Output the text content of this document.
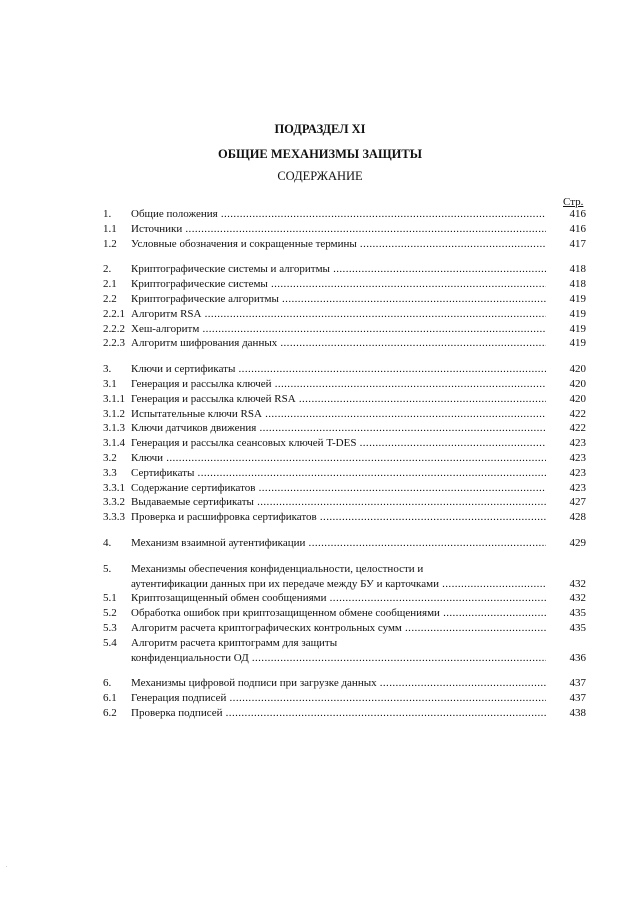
ПОДРАЗДЕЛ XI
ОБЩИЕ МЕХАНИЗМЫ ЗАЩИТЫ
СОДЕРЖАНИЕ
Стр.
1. Общие положения .....	416
1.1 Источники .....	416
1.2 Условные обозначения и сокращенные термины .....	417
2. Криптографические системы и алгоритмы .....	418
2.1 Криптографические системы .....	418
2.2 Криптографические алгоритмы .....	419
2.2.1 Алгоритм RSA .....	419
2.2.2 Хеш-алгоритм .....	419
2.2.3 Алгоритм шифрования данных .....	419
3. Ключи и сертификаты .....	420
3.1 Генерация и рассылка ключей .....	420
3.1.1 Генерация и рассылка ключей RSA .....	420
3.1.2 Испытательные ключи RSA .....	422
3.1.3 Ключи датчиков движения .....	422
3.1.4 Генерация и рассылка сеансовых ключей T-DES .....	423
3.2 Ключи .....	423
3.3 Сертификаты .....	423
3.3.1 Содержание сертификатов .....	423
3.3.2 Выдаваемые сертификаты .....	427
3.3.3 Проверка и расшифровка сертификатов .....	428
4. Механизм взаимной аутентификации .....	429
5. Механизмы обеспечения конфиденциальности, целостности и
аутентификации данных при их передаче между БУ и карточками .....	432
5.1 Криптозащищенный обмен сообщениями .....	432
5.2 Обработка ошибок при криптозащищенном обмене сообщениями .....	435
5.3 Алгоритм расчета криптографических контрольных сумм .....	435
5.4 Алгоритм расчета криптограмм для защиты
конфиденциальности ОД .....	436
6. Механизмы цифровой подписи при загрузке данных .....	437
6.1 Генерация подписей .....	437
6.2 Проверка подписей .....	438
